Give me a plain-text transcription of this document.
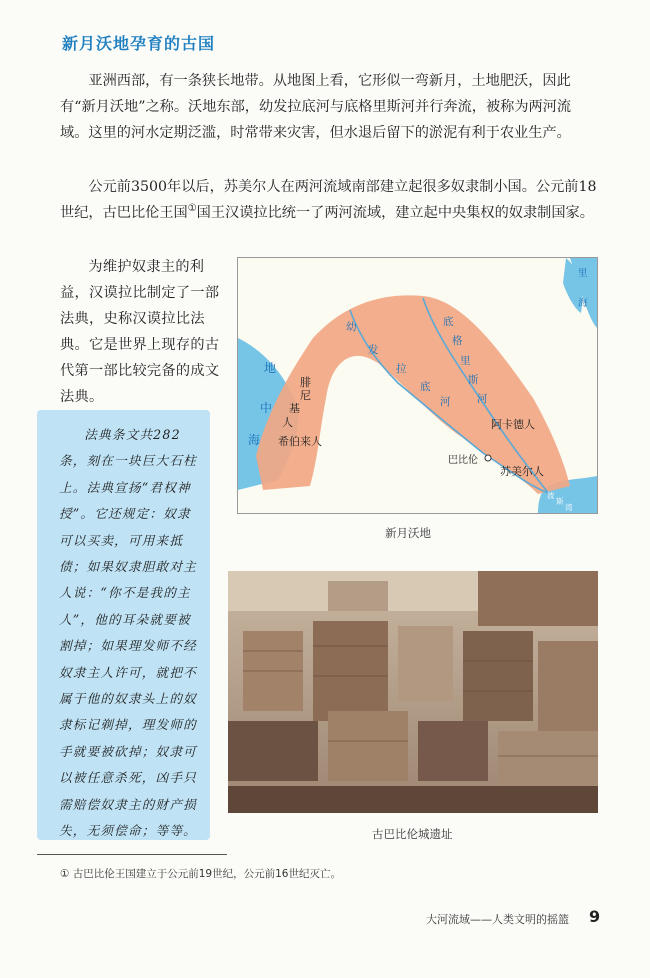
新月沃地孕育的古国

亚洲西部，有一条狭长地带。从地图上看，它形似一弯新月，土地肥沃，因此有“新月沃地”之称。沃地东部，幼发拉底河与底格里斯河并行奔流，被称为两河流域。这里的河水定期泛滥，时常带来灾害，但水退后留下的淤泥有利于农业生产。

公元前3500年以后，苏美尔人在两河流域南部建立起很多奴隶制小国。公元前18世纪，古巴比伦王国①国王汉谟拉比统一了两河流域，建立起中央集权的奴隶制国家。

为维护奴隶主的利益，汉谟拉比制定了一部法典，史称汉谟拉比法典。它是世界上现存的古代第一部比较完备的成文法典。

法典条文共282条，刻在一块巨大石柱上。法典宣扬“君权神授”。它还规定：奴隶可以买卖，可用来抵债；如果奴隶胆敢对主人说：“你不是我的主人”，他的耳朵就要被割掉；如果理发师不经奴隶主人许可，就把不属于他的奴隶头上的奴隶标记剃掉，理发师的手就要被砍掉；奴隶可以被任意杀死，凶手只需赔偿奴隶主的财产损失，无须偿命；等等。

地
中
海
腓
尼
基
人
希伯来人
幼
发
拉
底
河
底
格
里
斯
河
阿卡德人
巴比伦
苏美尔人
里
海
波
斯
湾
新月沃地
古巴比伦城遗址
① 古巴比伦王国建立于公元前19世纪，公元前16世纪灭亡。
大河流域——人类文明的摇篮 9
